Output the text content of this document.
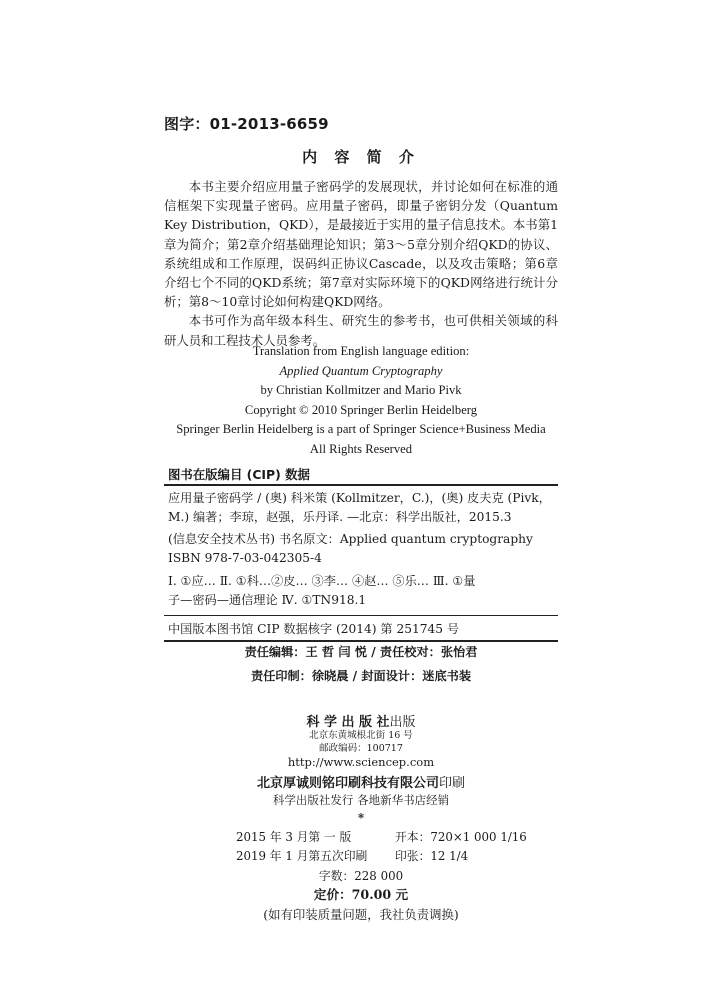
图字：01-2013-6659
内 容 简 介

本书主要介绍应用量子密码学的发展现状，并讨论如何在标准的通信框架下实现量子密码。应用量子密码，即量子密钥分发（Quantum Key Distribution，QKD），是最接近于实用的量子信息技术。本书第1章为简介；第2章介绍基础理论知识；第3～5章分别介绍QKD的协议、系统组成和工作原理，误码纠正协议Cascade，以及攻击策略；第6章介绍七个不同的QKD系统；第7章对实际环境下的QKD网络进行统计分析；第8～10章讨论如何构建QKD网络。

本书可作为高年级本科生、研究生的参考书，也可供相关领域的科研人员和工程技术人员参考。

Translation from English language edition:
Applied Quantum Cryptography
by Christian Kollmitzer and Mario Pivk
Copyright © 2010 Springer Berlin Heidelberg
Springer Berlin Heidelberg is a part of Springer Science+Business Media
All Rights Reserved
图书在版编目 (CIP) 数据
应用量子密码学 / (奥) 科米策 (Kollmitzer，C.)，(奥) 皮夫克 (Pivk，
M.) 编著；李琼，赵强，乐丹译. —北京：科学出版社，2015.3
(信息安全技术丛书) 书名原文：Applied quantum cryptography
ISBN 978-7-03-042305-4
Ⅰ. ①应… Ⅱ. ①科…②皮… ③李… ④赵… ⑤乐… Ⅲ. ①量
子—密码—通信理论 Ⅳ. ①TN918.1
中国版本图书馆 CIP 数据核字 (2014) 第 251745 号
责任编辑：王 哲 闫 悦 / 责任校对：张怡君
责任印制：徐晓晨 / 封面设计：迷底书装
科 学 出 版 社出版
北京东黄城根北街 16 号
邮政编码：100717
http://www.sciencep.com
北京厚诚则铭印刷科技有限公司印刷
科学出版社发行 各地新华书店经销
*
2015 年 3 月第 一 版	开本：720×1 000 1/16
2019 年 1 月第五次印刷 印张：12 1/4
字数：228 000
定价：70.00 元
(如有印装质量问题，我社负责调换)
